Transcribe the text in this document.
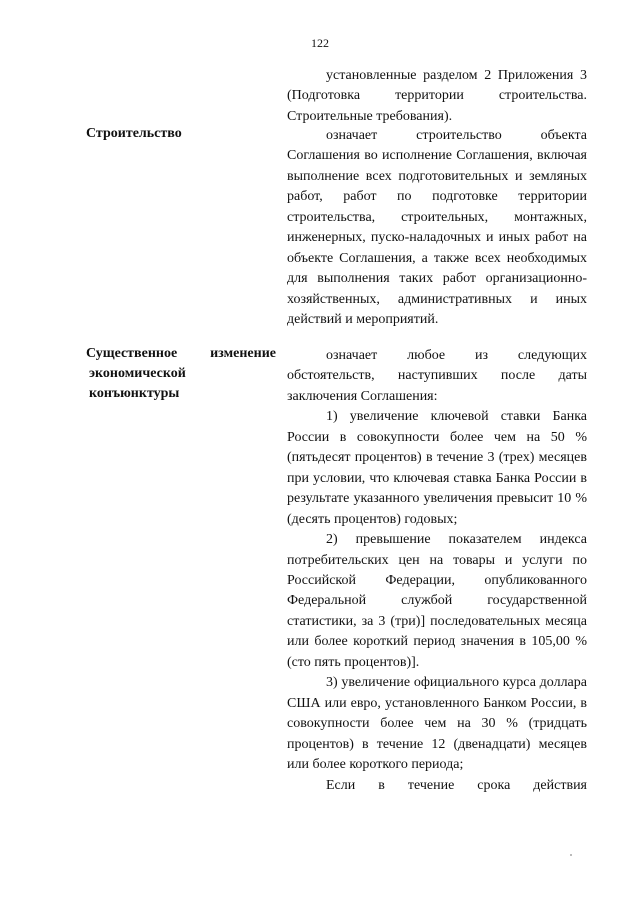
122

установленные разделом 2 Приложения 3 (Подготовка территории строительства. Строительные требования).

Строительство	означает строительство объекта Соглашения во исполнение Соглашения, включая выполнение всех подготовительных и земляных работ, работ по подготовке территории строительства, строительных, монтажных, инженерных, пуско-наладочных и иных работ на объекте Соглашения, а также всех необходимых для выполнения таких работ организационно-хозяйственных, административных и иных действий и мероприятий.

Существенное изменение
экономической
конъюнктуры

означает любое из следующих обстоятельств, наступивших после даты заключения Соглашения:

1) увеличение ключевой ставки Банка России в совокупности более чем на 50 % (пятьдесят процентов) в течение 3 (трех) месяцев при условии, что ключевая ставка Банка России в результате указанного увеличения превысит 10 % (десять процентов) годовых;

2) превышение показателем индекса потребительских цен на товары и услуги по Российской Федерации, опубликованного Федеральной службой государственной статистики, за 3 (три)] последовательных месяца или более короткий период значения в 105,00 % (сто пять процентов)].

3) увеличение официального курса доллара США или евро, установленного Банком России, в совокупности более чем на 30 % (тридцать процентов) в течение 12 (двенадцати) месяцев или более короткого периода;

Если в течение срока действия
